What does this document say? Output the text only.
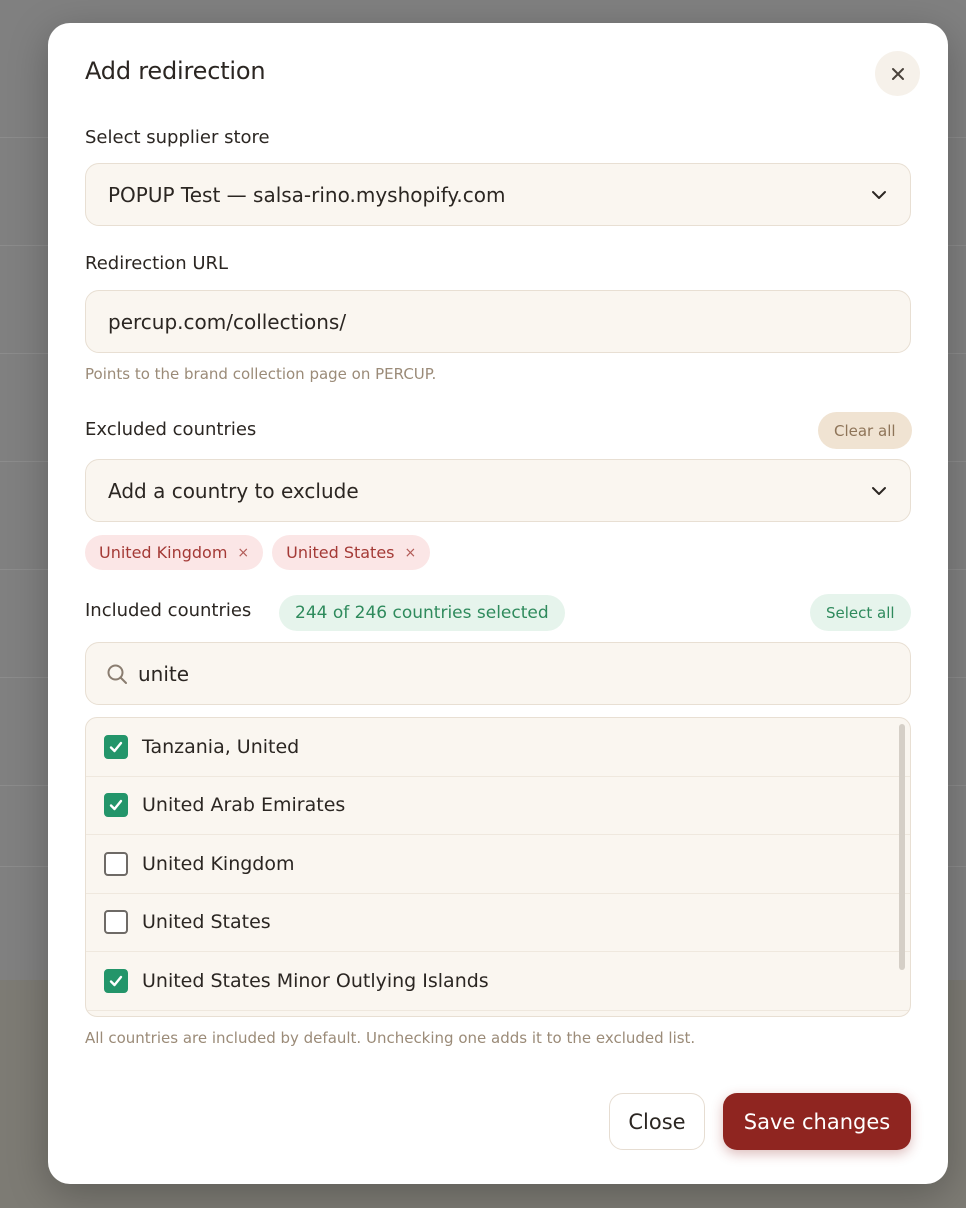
Add redirection
Select supplier store
POPUP Test — salsa-rino.myshopify.com
Redirection URL
percup.com/collections/
Points to the brand collection page on PERCUP.
Excluded countries	Clear all
Add a country to exclude
United Kingdom × United States ×
Included countries	244 of 246 countries selected	Select all
unite
Tanzania, United
United Arab Emirates
United Kingdom
United States
United States Minor Outlying Islands
All countries are included by default. Unchecking one adds it to the excluded list.
Close	Save changes
